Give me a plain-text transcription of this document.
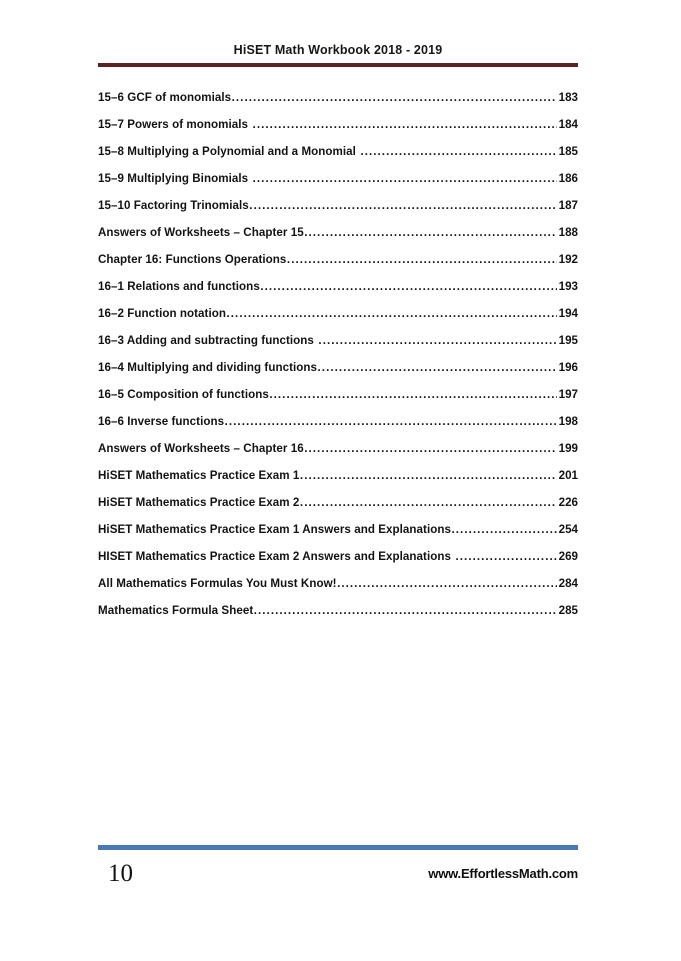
HiSET Math Workbook 2018 - 2019
15–6 GCF of monomials .....	183
15–7 Powers of monomials .....	184
15–8 Multiplying a Polynomial and a Monomial .....	185
15–9 Multiplying Binomials .....	186
15–10 Factoring Trinomials .....	187
Answers of Worksheets – Chapter 15 .....	188
Chapter 16: Functions Operations .....	192
16–1 Relations and functions .....	193
16–2 Function notation .....	194
16–3 Adding and subtracting functions .....	195
16–4 Multiplying and dividing functions .....	196
16–5 Composition of functions .....	197
16–6 Inverse functions .....	198
Answers of Worksheets – Chapter 16 .....	199
HiSET Mathematics Practice Exam 1 .....	201
HiSET Mathematics Practice Exam 2 .....	226
HiSET Mathematics Practice Exam 1 Answers and Explanations .....	254
HISET Mathematics Practice Exam 2 Answers and Explanations .....	269
All Mathematics Formulas You Must Know! .....	284
Mathematics Formula Sheet .....	285
10	www.EffortlessMath.com
